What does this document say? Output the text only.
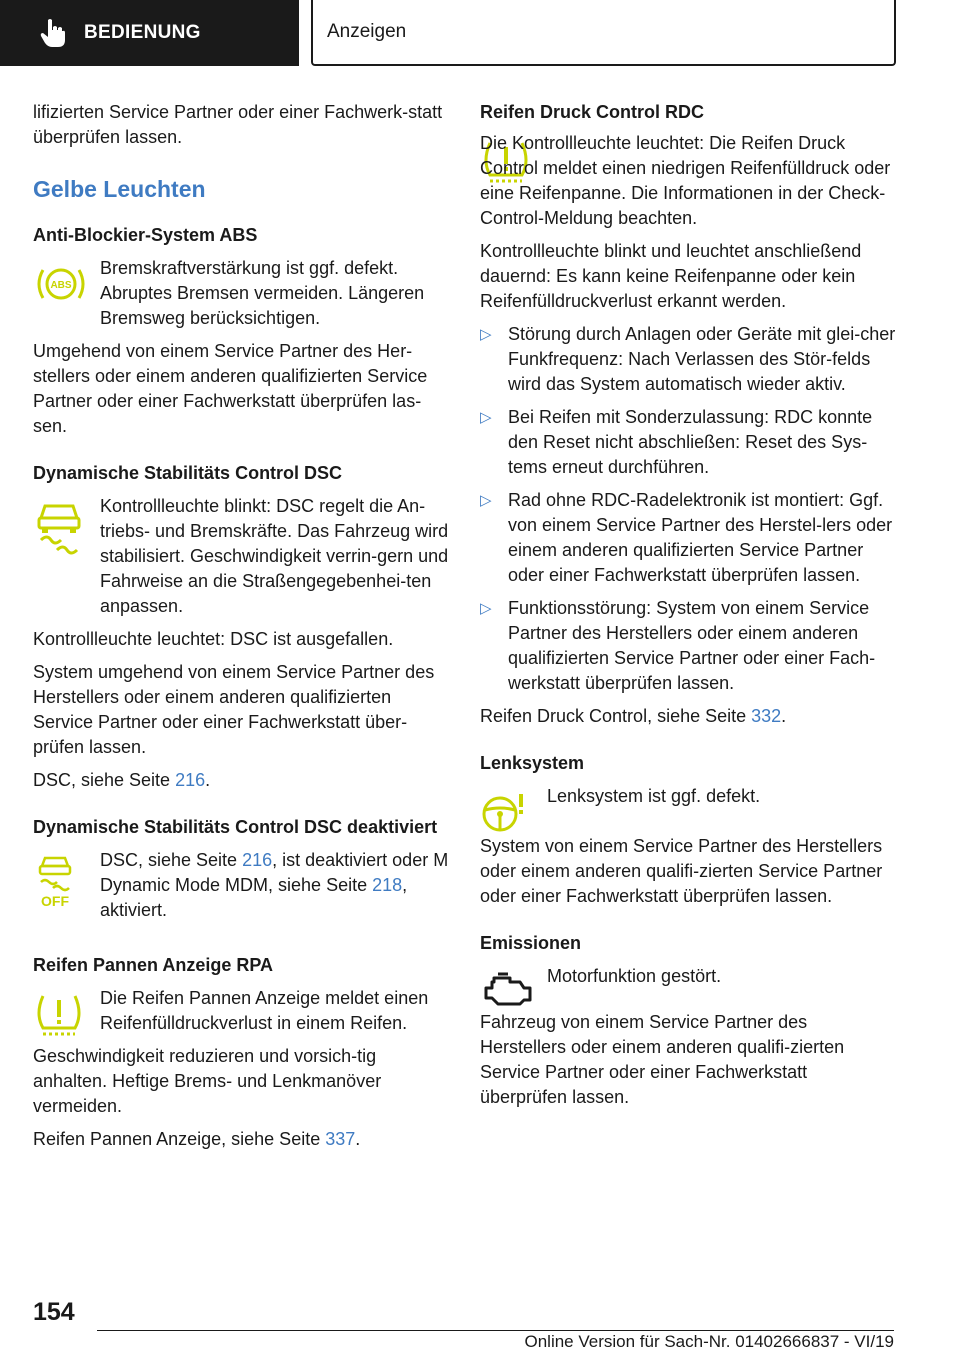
BEDIENUNG	Anzeigen

lifizierten Service Partner oder einer Fachwerk-statt überprüfen lassen.

Gelbe Leuchten
Anti-Blockier-System ABS
ABS

Bremskraftverstärkung ist ggf. defekt. Abruptes Bremsen vermeiden. Längeren Bremsweg berücksichtigen.

Umgehend von einem Service Partner des Her-stellers oder einem anderen qualifizierten Service Partner oder einer Fachwerkstatt überprüfen las-sen.

Dynamische Stabilitäts Control DSC

Kontrollleuchte blinkt: DSC regelt die An-triebs- und Bremskräfte. Das Fahrzeug wird stabilisiert. Geschwindigkeit verrin-gern und Fahrweise an die Straßengegebenhei-ten anpassen.

Kontrollleuchte leuchtet: DSC ist ausgefallen.

System umgehend von einem Service Partner des Herstellers oder einem anderen qualifizierten Service Partner oder einer Fachwerkstatt über-prüfen lassen.

DSC, siehe Seite 216.

Dynamische Stabilitäts Control DSC deaktiviert
OFF

DSC, siehe Seite 216, ist deaktiviert oder M Dynamic Mode MDM, siehe Seite 218, aktiviert.

Reifen Pannen Anzeige RPA

Die Reifen Pannen Anzeige meldet einen Reifenfülldruckverlust in einem Reifen.

Geschwindigkeit reduzieren und vorsich-tig anhalten. Heftige Brems- und Lenkmanöver vermeiden.

Reifen Pannen Anzeige, siehe Seite 337.

Reifen Druck Control RDC

Die Kontrollleuchte leuchtet: Die Reifen Druck Control meldet einen niedrigen Reifenfülldruck oder eine Reifenpanne. Die Informationen in der Check-Control-Meldung beachten.

Kontrollleuchte blinkt und leuchtet anschließend dauernd: Es kann keine Reifenpanne oder kein Reifenfülldruckverlust erkannt werden.

▷ Störung durch Anlagen oder Geräte mit glei-cher Funkfrequenz: Nach Verlassen des Stör-felds wird das System automatisch wieder aktiv.
▷ Bei Reifen mit Sonderzulassung: RDC konnte den Reset nicht abschließen: Reset des Sys-tems erneut durchführen.
▷ Rad ohne RDC-Radelektronik ist montiert: Ggf. von einem Service Partner des Herstel-lers oder einem anderen qualifizierten Service Partner oder einer Fachwerkstatt überprüfen lassen.
▷ Funktionsstörung: System von einem Service Partner des Herstellers oder einem anderen qualifizierten Service Partner oder einer Fach-werkstatt überprüfen lassen.

Reifen Druck Control, siehe Seite 332.

Lenksystem

Lenksystem ist ggf. defekt.

System von einem Service Partner des Herstellers oder einem anderen qualifi-zierten Service Partner oder einer Fachwerkstatt überprüfen lassen.

Emissionen

Motorfunktion gestört.

Fahrzeug von einem Service Partner des Herstellers oder einem anderen qualifi-zierten Service Partner oder einer Fachwerkstatt überprüfen lassen.

154
Online Version für Sach-Nr. 01402666837 - VI/19
